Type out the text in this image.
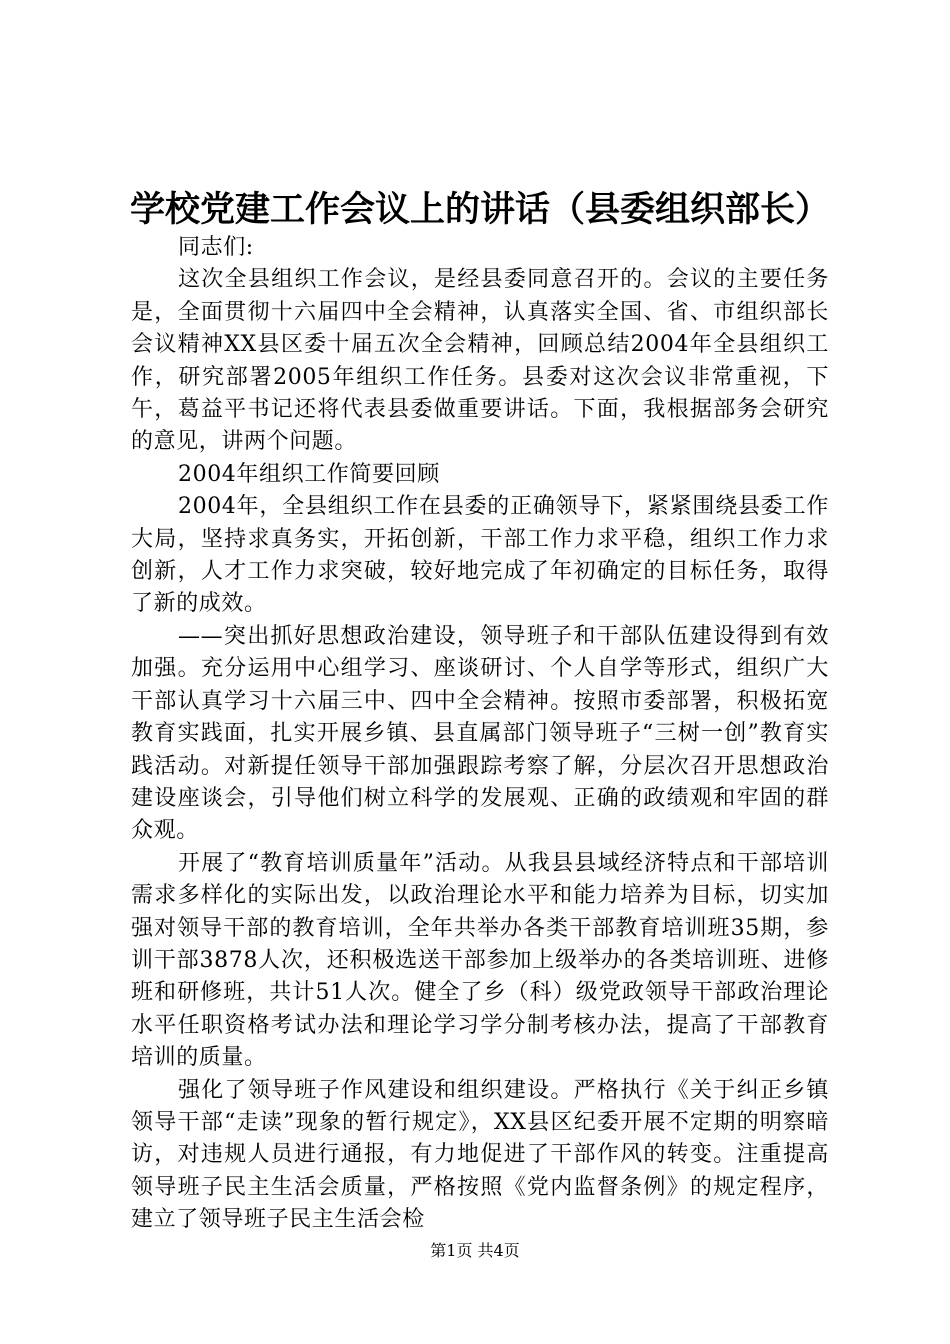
学校党建工作会议上的讲话（县委组织部长）

同志们:

这次全县组织工作会议，是经县委同意召开的。会议的主要任务是，全面贯彻十六届四中全会精神，认真落实全国、省、市组织部长会议精神XX县区委十届五次全会精神，回顾总结2004年全县组织工作，研究部署2005年组织工作任务。县委对这次会议非常重视，下午，葛益平书记还将代表县委做重要讲话。下面，我根据部务会研究的意见，讲两个问题。

2004年组织工作简要回顾

2004年，全县组织工作在县委的正确领导下，紧紧围绕县委工作大局，坚持求真务实，开拓创新，干部工作力求平稳，组织工作力求创新，人才工作力求突破，较好地完成了年初确定的目标任务，取得了新的成效。

——突出抓好思想政治建设，领导班子和干部队伍建设得到有效加强。充分运用中心组学习、座谈研讨、个人自学等形式，组织广大干部认真学习十六届三中、四中全会精神。按照市委部署，积极拓宽教育实践面，扎实开展乡镇、县直属部门领导班子“三树一创”教育实践活动。对新提任领导干部加强跟踪考察了解，分层次召开思想政治建设座谈会，引导他们树立科学的发展观、正确的政绩观和牢固的群众观。

开展了“教育培训质量年”活动。从我县县域经济特点和干部培训需求多样化的实际出发，以政治理论水平和能力培养为目标，切实加强对领导干部的教育培训，全年共举办各类干部教育培训班35期，参训干部3878人次，还积极选送干部参加上级举办的各类培训班、进修班和研修班，共计51人次。健全了乡（科）级党政领导干部政治理论水平任职资格考试办法和理论学习学分制考核办法，提高了干部教育培训的质量。

强化了领导班子作风建设和组织建设。严格执行《关于纠正乡镇领导干部“走读”现象的暂行规定》，XX县区纪委开展不定期的明察暗访，对违规人员进行通报，有力地促进了干部作风的转变。注重提高领导班子民主生活会质量，严格按照《党内监督条例》的规定程序，建立了领导班子民主生活会检

第1页 共4页
